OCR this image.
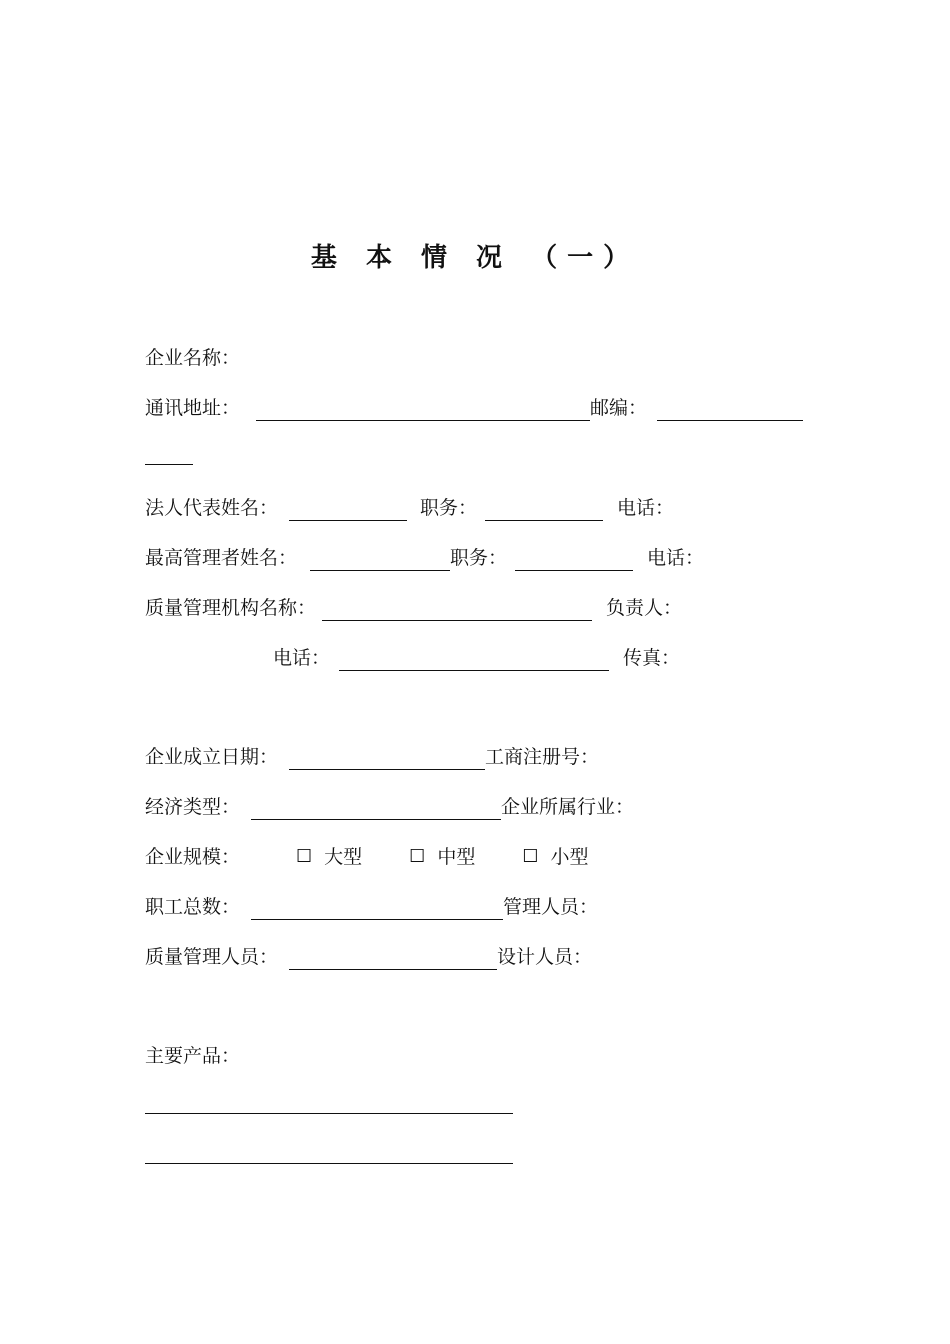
基 本 情 况 （一）
企业名称：
通讯地址：	邮编：
法人代表姓名：	职务：	电话：
最高管理者姓名：	职务：	电话：
质量管理机构名称：	负责人：
电话：	传真：
企业成立日期：	工商注册号：
经济类型：	企业所属行业：
企业规模：	☐ 大型	☐ 中型	☐ 小型
职工总数：	管理人员：
质量管理人员：	设计人员：
主要产品：
